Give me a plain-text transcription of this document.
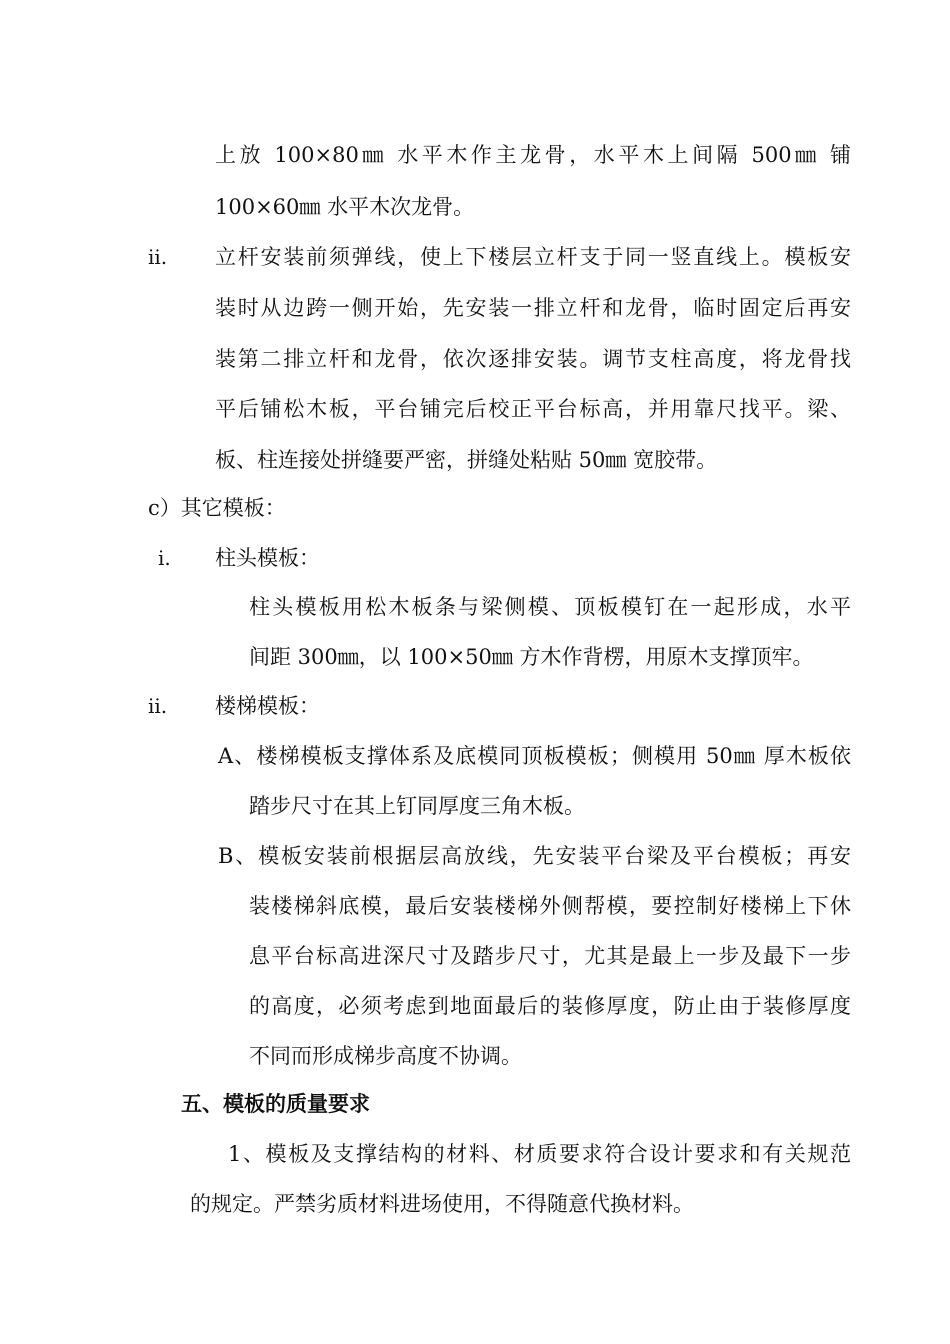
上放 100×80㎜ 水平木作主龙骨，水平木上间隔 500㎜ 铺
100×60㎜ 水平木次龙骨。
ii. 立杆安装前须弹线，使上下楼层立杆支于同一竖直线上。模板安
装时从边跨一侧开始，先安装一排立杆和龙骨，临时固定后再安
装第二排立杆和龙骨，依次逐排安装。调节支柱高度，将龙骨找
平后铺松木板，平台铺完后校正平台标高，并用靠尺找平。梁、
板、柱连接处拼缝要严密，拼缝处粘贴 50㎜ 宽胶带。
c）其它模板：
i. 柱头模板：
柱头模板用松木板条与梁侧模、顶板模钉在一起形成，水平
间距 300㎜，以 100×50㎜ 方木作背楞，用原木支撑顶牢。
ii. 楼梯模板：
A、楼梯模板支撑体系及底模同顶板模板；侧模用 50㎜ 厚木板依
踏步尺寸在其上钉同厚度三角木板。
B、模板安装前根据层高放线，先安装平台梁及平台模板；再安
装楼梯斜底模，最后安装楼梯外侧帮模，要控制好楼梯上下休
息平台标高进深尺寸及踏步尺寸，尤其是最上一步及最下一步
的高度，必须考虑到地面最后的装修厚度，防止由于装修厚度
不同而形成梯步高度不协调。
五、模板的质量要求
1、模板及支撑结构的材料、材质要求符合设计要求和有关规范
的规定。严禁劣质材料进场使用，不得随意代换材料。
